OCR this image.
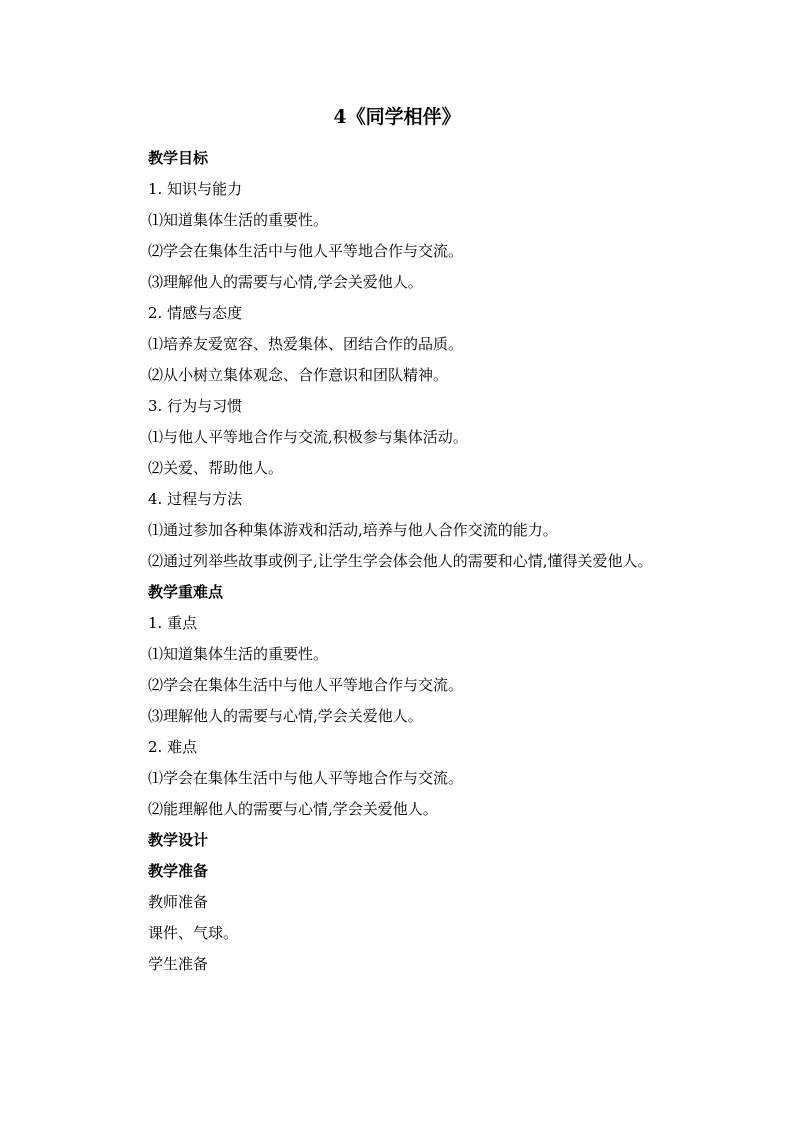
4《同学相伴》

教学目标

1. 知识与能力

⑴知道集体生活的重要性。

⑵学会在集体生活中与他人平等地合作与交流。

⑶理解他人的需要与心情,学会关爱他人。

2. 情感与态度

⑴培养友爱宽容、热爱集体、团结合作的品质。

⑵从小树立集体观念、合作意识和团队精神。

3. 行为与习惯

⑴与他人平等地合作与交流,积极参与集体活动。

⑵关爱、帮助他人。

4. 过程与方法

⑴通过参加各种集体游戏和活动,培养与他人合作交流的能力。

⑵通过列举些故事或例子,让学生学会体会他人的需要和心情,懂得关爱他人。

教学重难点

1. 重点

⑴知道集体生活的重要性。

⑵学会在集体生活中与他人平等地合作与交流。

⑶理解他人的需要与心情,学会关爱他人。

2. 难点

⑴学会在集体生活中与他人平等地合作与交流。

⑵能理解他人的需要与心情,学会关爱他人。

教学设计

教学准备

教师准备

课件、气球。

学生准备
